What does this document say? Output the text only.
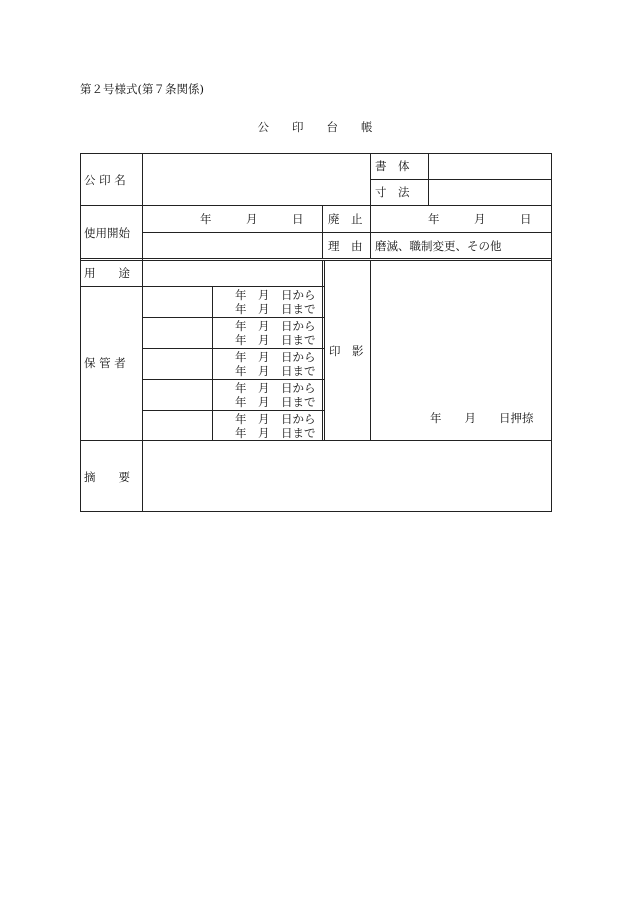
第２号様式(第７条関係)
公　　印　　台　　帳
公 印 名
書　体
寸　法
使用開始
年　　　月　　　日 廃　止	年　　　月　　　日
理　由 磨滅、職制変更、その他
用　　途
保 管 者
年　月　日から
年　月　日まで
年　月　日から
年　月　日まで
年　月　日から
年　月　日まで
年　月　日から
年　月　日まで
年　月　日から
年　月　日まで
印　影
年　　月　　日押捺
摘　　要
